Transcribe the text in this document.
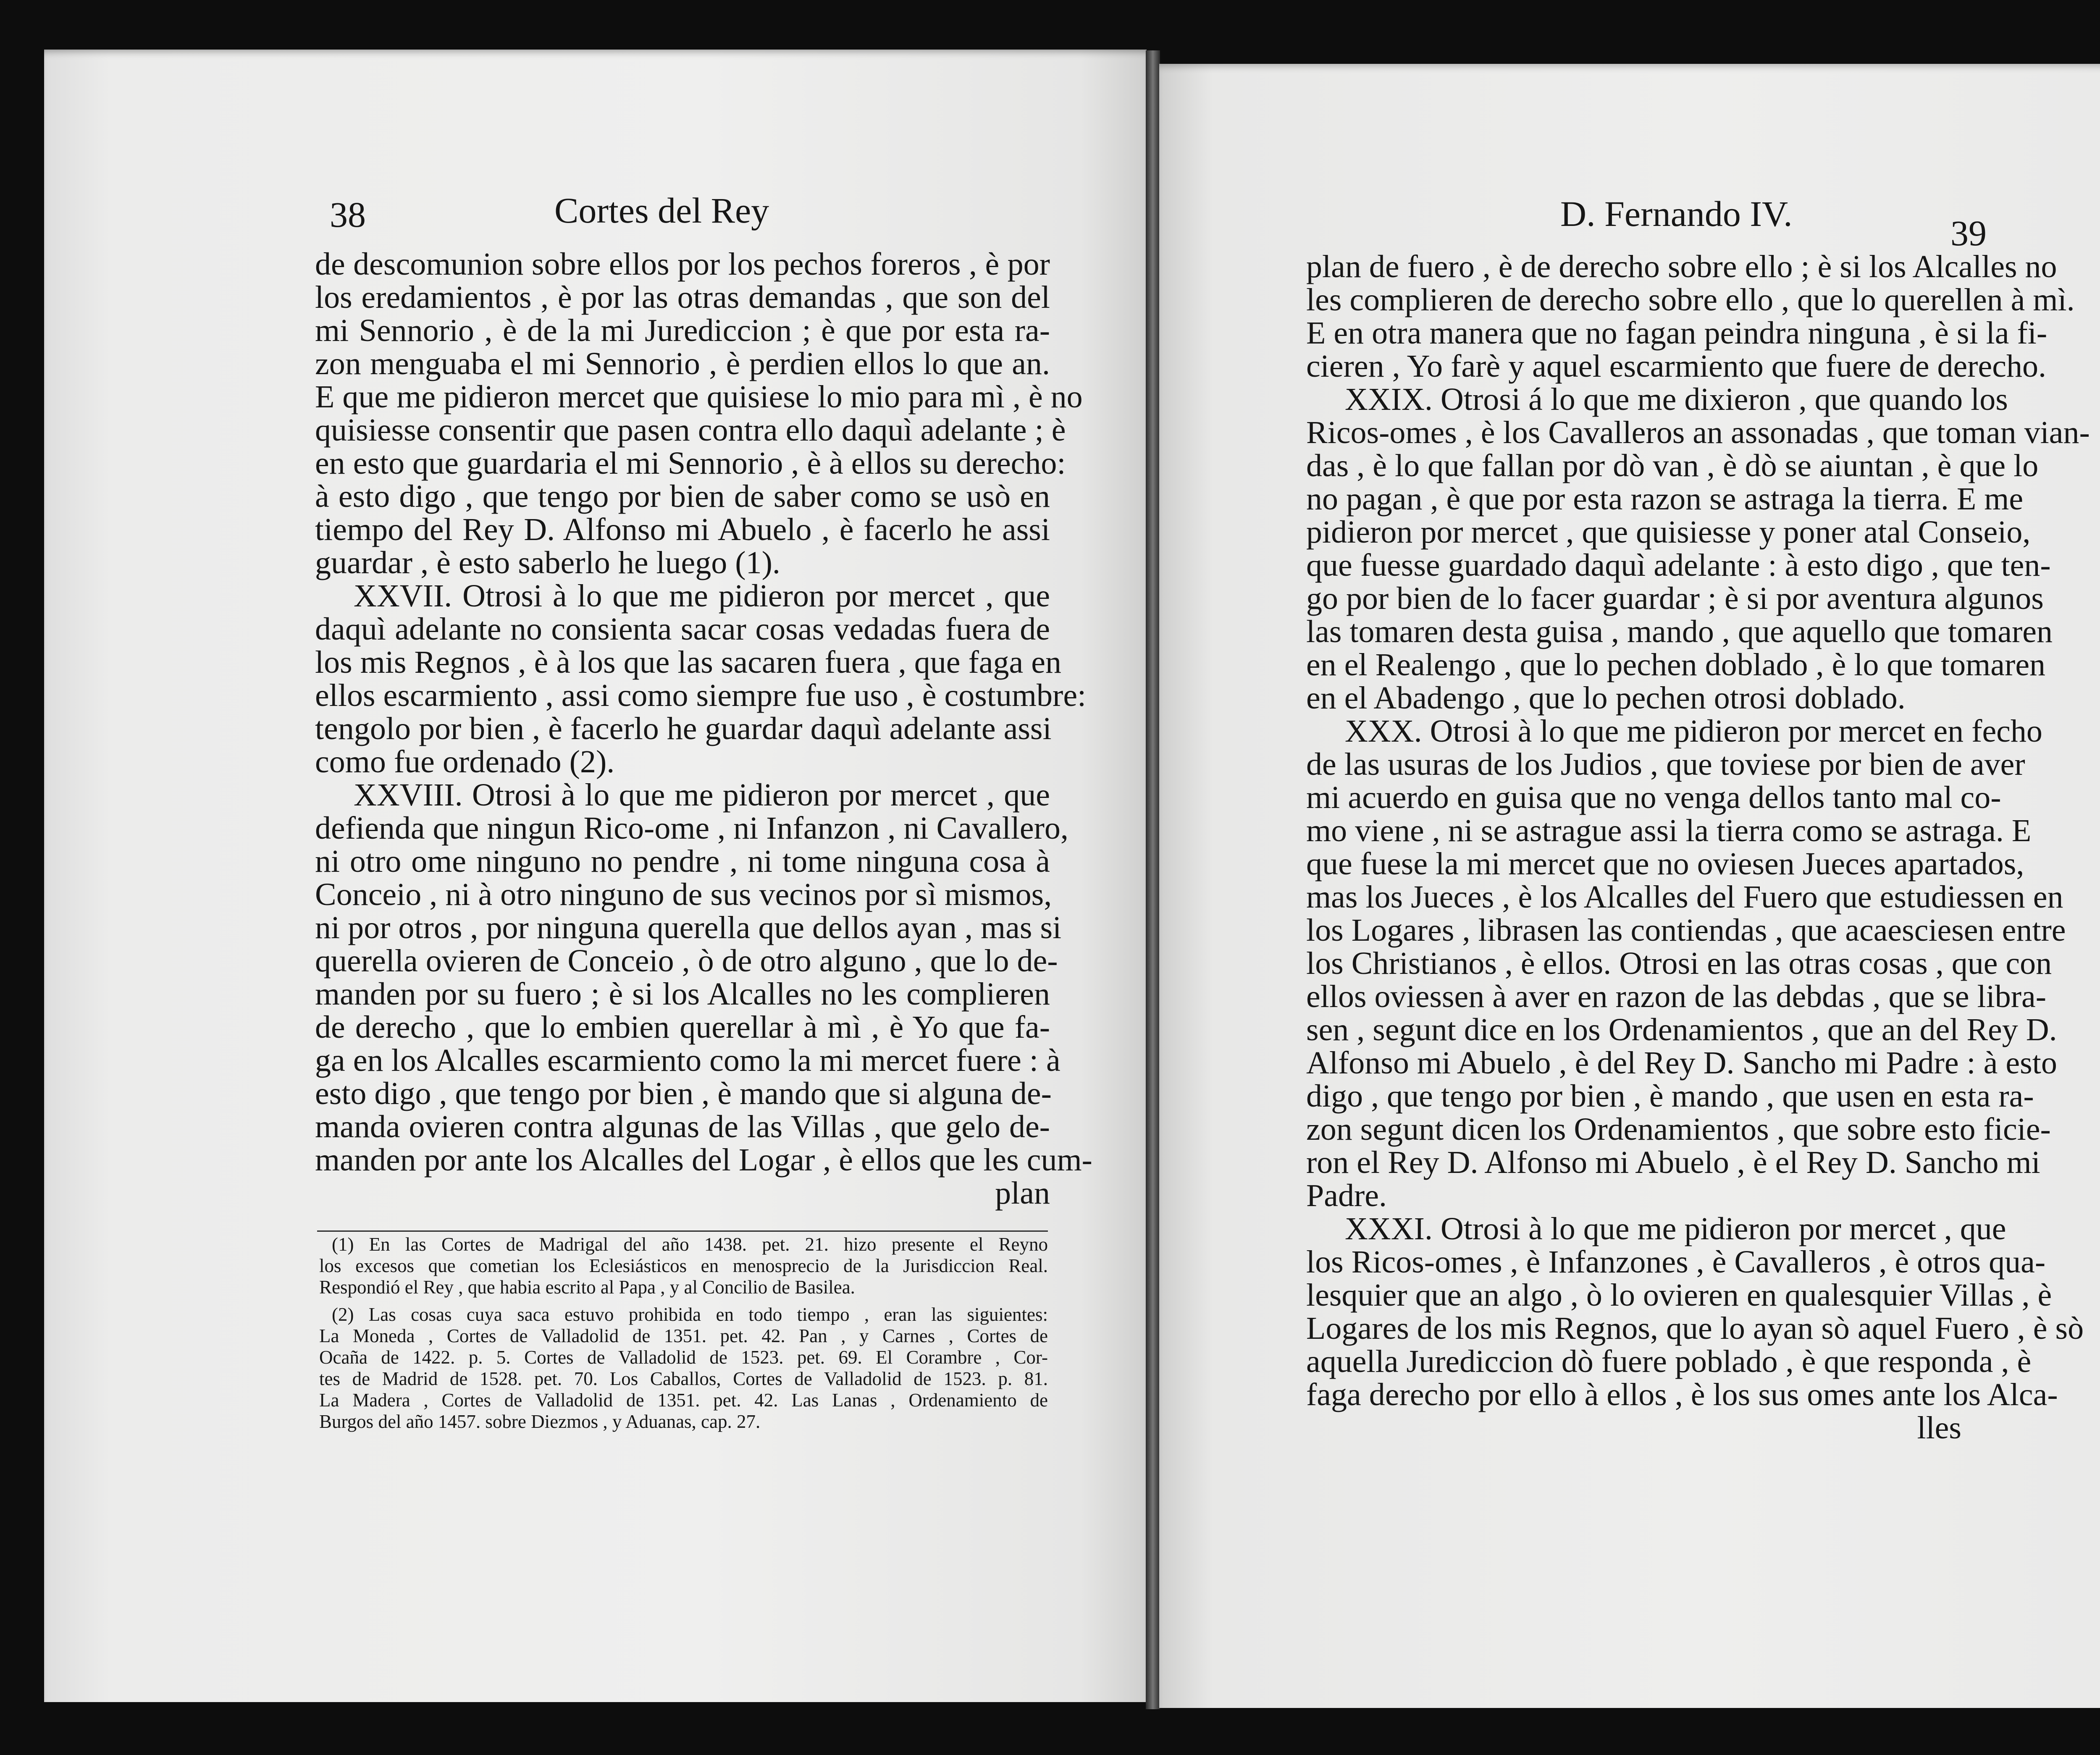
38	Cortes del Rey
de descomunion sobre ellos por los pechos foreros , è por
los eredamientos , è por las otras demandas , que son del
mi Sennorio , è de la mi Jurediccion ; è que por esta ra-
zon menguaba el mi Sennorio , è perdien ellos lo que an.
E que me pidieron mercet que quisiese lo mio para mì , è no
quisiesse consentir que pasen contra ello daquì adelante ; è
en esto que guardaria el mi Sennorio , è à ellos su derecho:
à esto digo , que tengo por bien de saber como se usò en
tiempo del Rey D. Alfonso mi Abuelo , è facerlo he assi
guardar , è esto saberlo he luego (1).
XXVII. Otrosi à lo que me pidieron por mercet , que
daquì adelante no consienta sacar cosas vedadas fuera de
los mis Regnos , è à los que las sacaren fuera , que faga en
ellos escarmiento , assi como siempre fue uso , è costumbre:
tengolo por bien , è facerlo he guardar daquì adelante assi
como fue ordenado (2).
XXVIII. Otrosi à lo que me pidieron por mercet , que
defienda que ningun Rico-ome , ni Infanzon , ni Cavallero,
ni otro ome ninguno no pendre , ni tome ninguna cosa à
Conceio , ni à otro ninguno de sus vecinos por sì mismos,
ni por otros , por ninguna querella que dellos ayan , mas si
querella ovieren de Conceio , ò de otro alguno , que lo de-
manden por su fuero ; è si los Alcalles no les complieren
de derecho , que lo embien querellar à mì , è Yo que fa-
ga en los Alcalles escarmiento como la mi mercet fuere : à
esto digo , que tengo por bien , è mando que si alguna de-
manda ovieren contra algunas de las Villas , que gelo de-
manden por ante los Alcalles del Logar , è ellos que les cum-
plan
(1) En las Cortes de Madrigal del año 1438. pet. 21. hizo presente el Reyno
los excesos que cometian los Eclesiásticos en menosprecio de la Jurisdiccion Real.
Respondió el Rey , que habia escrito al Papa , y al Concilio de Basilea.
(2) Las cosas cuya saca estuvo prohibida en todo tiempo , eran las siguientes:
La Moneda , Cortes de Valladolid de 1351. pet. 42. Pan , y Carnes , Cortes de
Ocaña de 1422. p. 5. Cortes de Valladolid de 1523. pet. 69. El Corambre , Cor-
tes de Madrid de 1528. pet. 70. Los Caballos, Cortes de Valladolid de 1523. p. 81.
La Madera , Cortes de Valladolid de 1351. pet. 42. Las Lanas , Ordenamiento de
Burgos del año 1457. sobre Diezmos , y Aduanas, cap. 27.
D. Fernando IV.	39
plan de fuero , è de derecho sobre ello ; è si los Alcalles no
les complieren de derecho sobre ello , que lo querellen à mì.
E en otra manera que no fagan peindra ninguna , è si la fi-
cieren , Yo farè y aquel escarmiento que fuere de derecho.
XXIX. Otrosi á lo que me dixieron , que quando los
Ricos-omes , è los Cavalleros an assonadas , que toman vian-
das , è lo que fallan por dò van , è dò se aiuntan , è que lo
no pagan , è que por esta razon se astraga la tierra. E me
pidieron por mercet , que quisiesse y poner atal Conseio,
que fuesse guardado daquì adelante : à esto digo , que ten-
go por bien de lo facer guardar ; è si por aventura algunos
las tomaren desta guisa , mando , que aquello que tomaren
en el Realengo , que lo pechen doblado , è lo que tomaren
en el Abadengo , que lo pechen otrosi doblado.
XXX. Otrosi à lo que me pidieron por mercet en fecho
de las usuras de los Judios , que toviese por bien de aver
mi acuerdo en guisa que no venga dellos tanto mal co-
mo viene , ni se astrague assi la tierra como se astraga. E
que fuese la mi mercet que no oviesen Jueces apartados,
mas los Jueces , è los Alcalles del Fuero que estudiessen en
los Logares , librasen las contiendas , que acaesciesen entre
los Christianos , è ellos. Otrosi en las otras cosas , que con
ellos oviessen à aver en razon de las debdas , que se libra-
sen , segunt dice en los Ordenamientos , que an del Rey D.
Alfonso mi Abuelo , è del Rey D. Sancho mi Padre : à esto
digo , que tengo por bien , è mando , que usen en esta ra-
zon segunt dicen los Ordenamientos , que sobre esto ficie-
ron el Rey D. Alfonso mi Abuelo , è el Rey D. Sancho mi
Padre.
XXXI. Otrosi à lo que me pidieron por mercet , que
los Ricos-omes , è Infanzones , è Cavalleros , è otros qua-
lesquier que an algo , ò lo ovieren en qualesquier Villas , è
Logares de los mis Regnos, que lo ayan sò aquel Fuero , è sò
aquella Jurediccion dò fuere poblado , è que responda , è
faga derecho por ello à ellos , è los sus omes ante los Alca-
lles
